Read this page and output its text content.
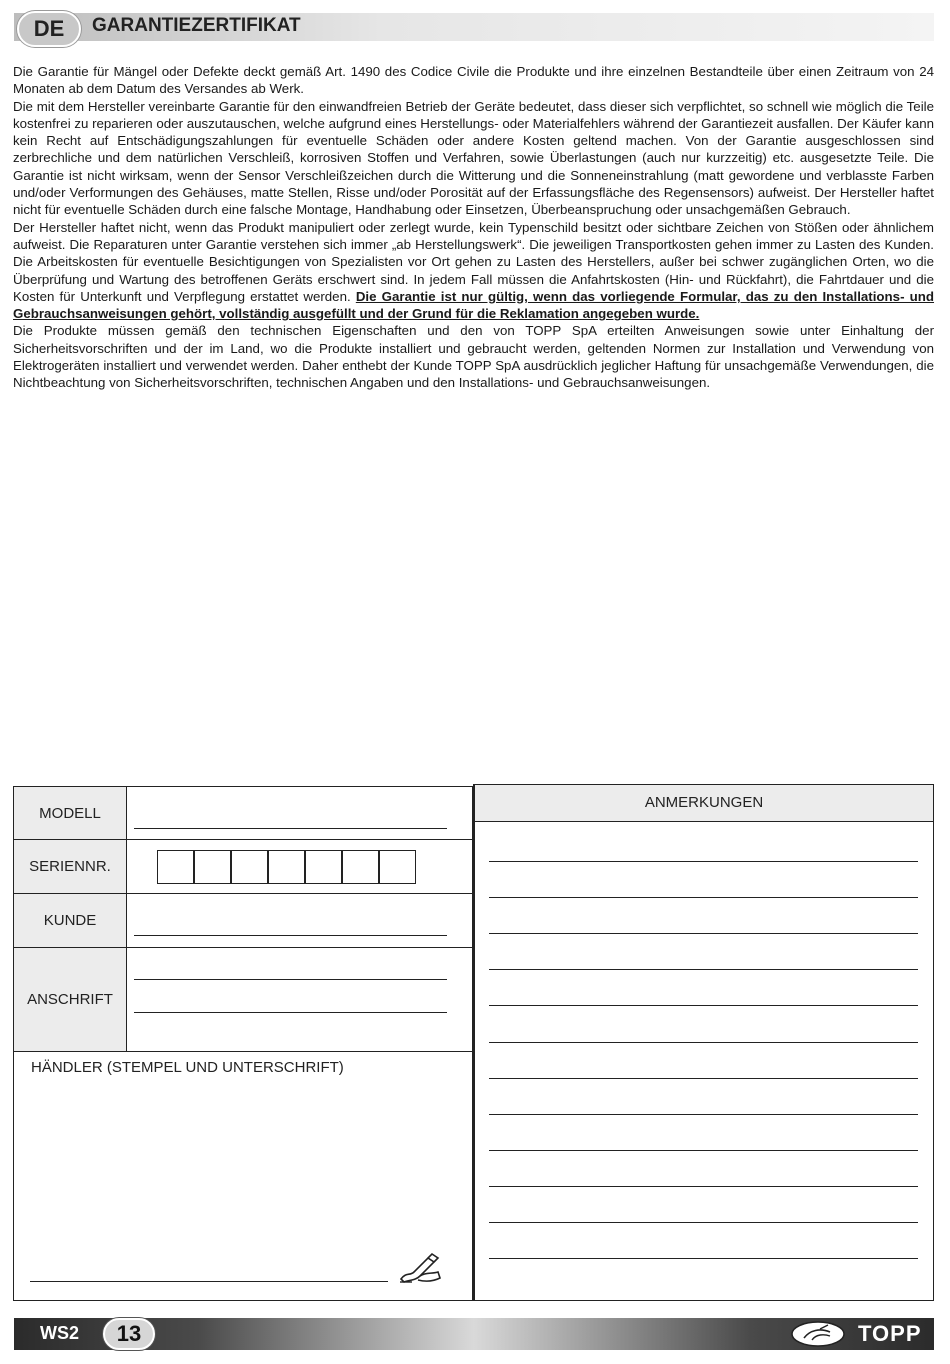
DE	GARANTIEZERTIFIKAT

Die Garantie für Mängel oder Defekte deckt gemäß Art. 1490 des Codice Civile die Produkte und ihre einzelnen Bestandteile über einen Zeitraum von 24 Monaten ab dem Datum des Versandes ab Werk.

Die mit dem Hersteller vereinbarte Garantie für den einwandfreien Betrieb der Geräte bedeutet, dass dieser sich verpflichtet, so schnell wie möglich die Teile kostenfrei zu reparieren oder auszutauschen, welche aufgrund eines Herstellungs- oder Materialfehlers während der Garantiezeit ausfallen. Der Käufer kann kein Recht auf Entschädigungszahlungen für eventuelle Schäden oder andere Kosten geltend machen. Von der Garantie ausgeschlossen sind zerbrechliche und dem natürlichen Verschleiß, korrosiven Stoffen und Verfahren, sowie Überlastungen (auch nur kurzzeitig) etc. ausgesetzte Teile. Die Garantie ist nicht wirksam, wenn der Sensor Verschleißzeichen durch die Witterung und die Sonneneinstrahlung (matt gewordene und verblasste Farben und/oder Verformungen des Gehäuses, matte Stellen, Risse und/oder Porosität auf der Erfassungsfläche des Regensensors) aufweist. Der Hersteller haftet nicht für eventuelle Schäden durch eine falsche Montage, Handhabung oder Einsetzen, Überbeanspruchung oder unsachgemäßen Gebrauch.

Der Hersteller haftet nicht, wenn das Produkt manipuliert oder zerlegt wurde, kein Typenschild besitzt oder sichtbare Zeichen von Stößen oder ähnlichem aufweist. Die Reparaturen unter Garantie verstehen sich immer „ab Herstellungswerk“. Die jeweiligen Transportkosten gehen immer zu Lasten des Kunden. Die Arbeitskosten für eventuelle Besichtigungen von Spezialisten vor Ort gehen zu Lasten des Herstellers, außer bei schwer zugänglichen Orten, wo die Überprüfung und Wartung des betroffenen Geräts erschwert sind. In jedem Fall müssen die Anfahrtskosten (Hin- und Rückfahrt), die Fahrtdauer und die Kosten für Unterkunft und Verpflegung erstattet werden. Die Garantie ist nur gültig, wenn das vorliegende Formular, das zu den Installations- und Gebrauchsanweisungen gehört, vollständig ausgefüllt und der Grund für die Reklamation angegeben wurde.

Die Produkte müssen gemäß den technischen Eigenschaften und den von TOPP SpA erteilten Anweisungen sowie unter Einhaltung der Sicherheitsvorschriften und der im Land, wo die Produkte installiert und gebraucht werden, geltenden Normen zur Installation und Verwendung von Elektrogeräten installiert und verwendet werden. Daher enthebt der Kunde TOPP SpA ausdrücklich jeglicher Haftung für unsachgemäße Verwendungen, die Nichtbeachtung von Sicherheitsvorschriften, technischen Angaben und den Installations- und Gebrauchsanweisungen.

MODELL
SERIENNR.
KUNDE
ANSCHRIFT
HÄNDLER (STEMPEL UND UNTERSCHRIFT)
ANMERKUNGEN
WS2	13	TOPP
